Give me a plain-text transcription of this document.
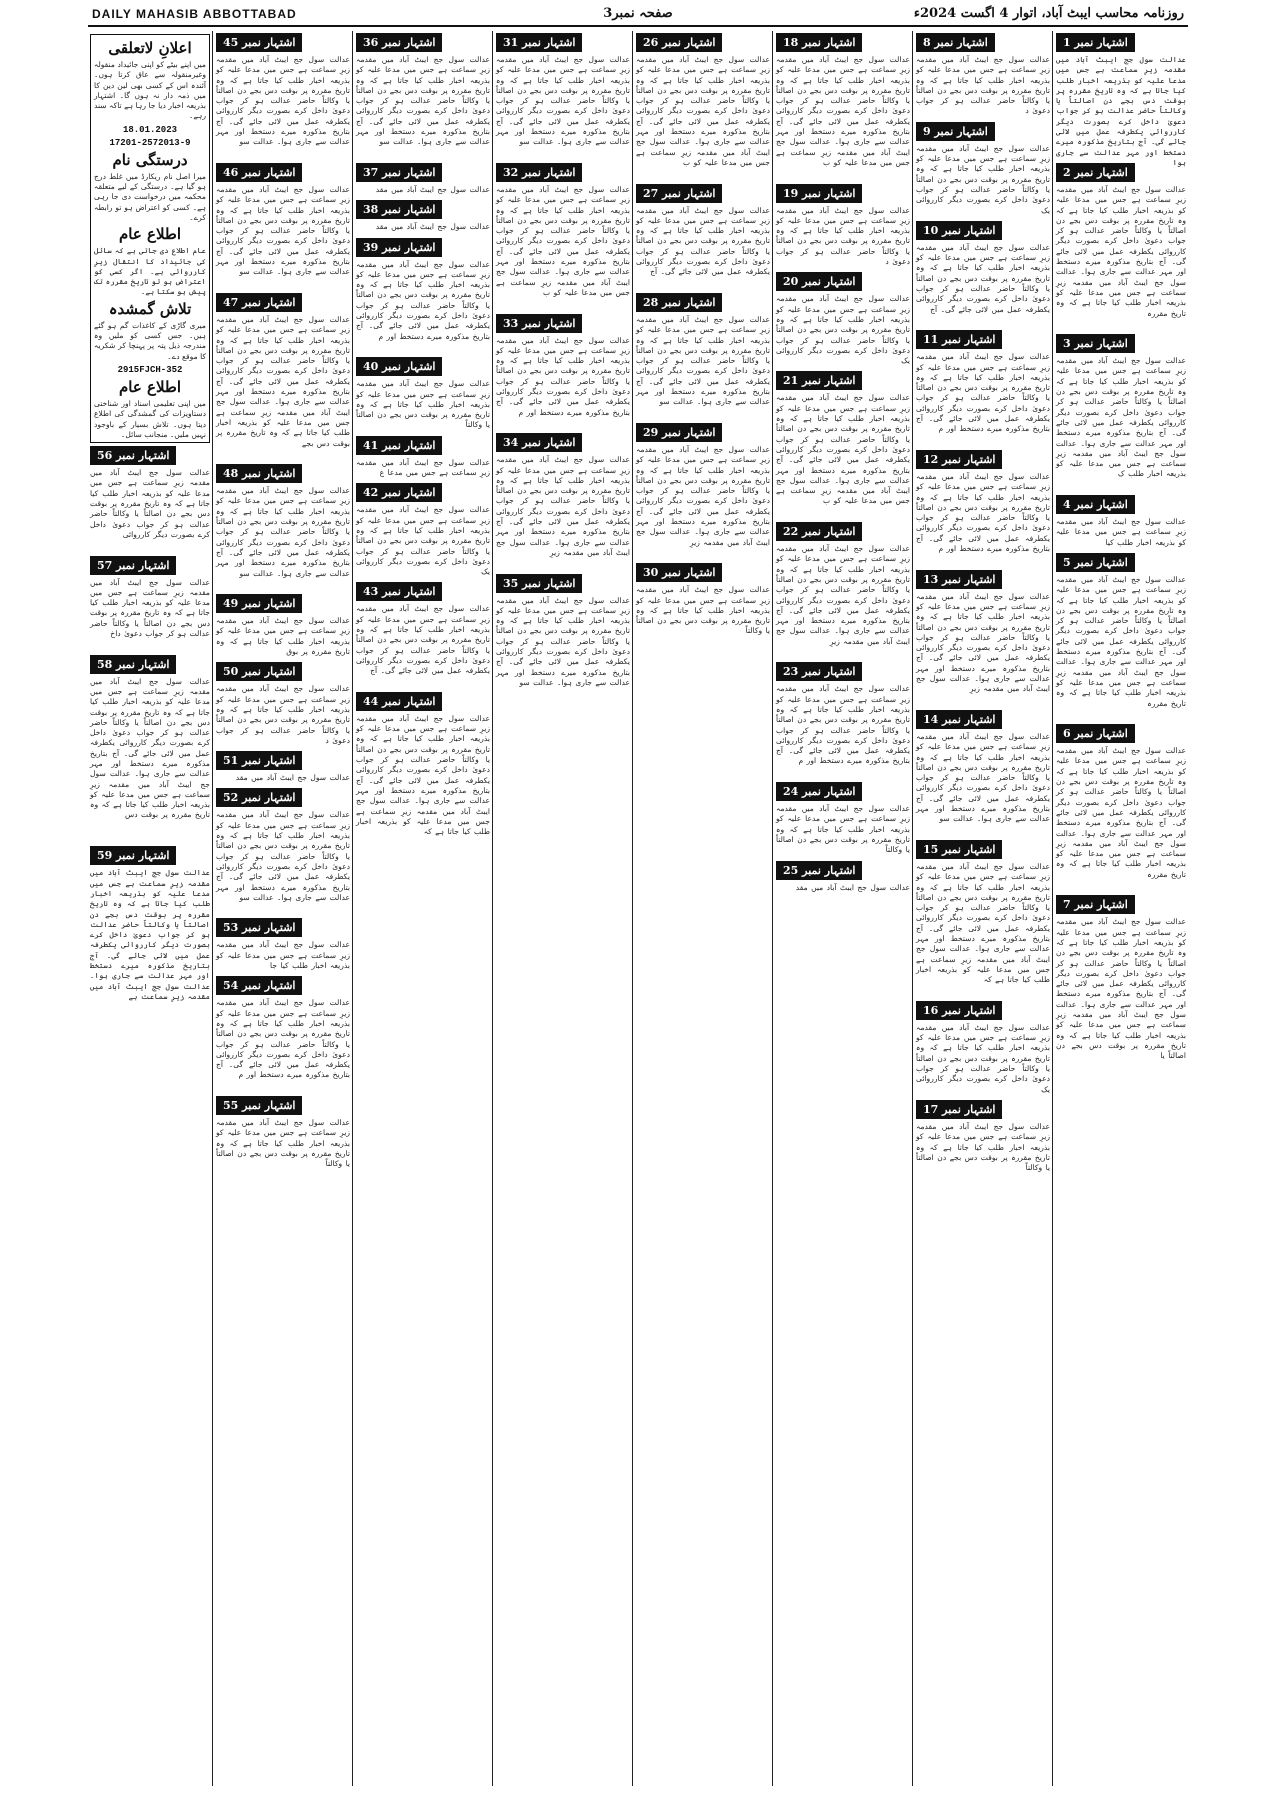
DAILY MAHASIB ABBOTTABAD	صفحہ نمبر3	روزنامہ محاسب ایبٹ آباد، اتوار 4 اگست 2024ء
اشتہار نمبر 1
عدالت سول جج ایبٹ آباد میں مقدمہ زیرِ سماعت ہے جس میں مدعا علیہ کو بذریعہ اخبار طلب کیا جاتا ہے کہ وہ تاریخ مقررہ پر بوقت دس بجے دن اصالتاً یا وکالتاً حاضر عدالت ہو کر جواب دعویٰ داخل کرے بصورت دیگر کارروائی یکطرفہ عمل میں لائی جائے گی۔ آج بتاریخ مذکورہ میرے دستخط اور مہر عدالت سے جاری ہوا
اشتہار نمبر 2
عدالت سول جج ایبٹ آباد میں مقدمہ زیرِ سماعت ہے جس میں مدعا علیہ کو بذریعہ اخبار طلب کیا جاتا ہے کہ وہ تاریخ مقررہ پر بوقت دس بجے دن اصالتاً یا وکالتاً حاضر عدالت ہو کر جواب دعویٰ داخل کرے بصورت دیگر کارروائی یکطرفہ عمل میں لائی جائے گی۔ آج بتاریخ مذکورہ میرے دستخط اور مہر عدالت سے جاری ہوا۔ عدالت سول جج ایبٹ آباد میں مقدمہ زیرِ سماعت ہے جس میں مدعا علیہ کو بذریعہ اخبار طلب کیا جاتا ہے کہ وہ تاریخ مقررہ
اشتہار نمبر 3
عدالت سول جج ایبٹ آباد میں مقدمہ زیرِ سماعت ہے جس میں مدعا علیہ کو بذریعہ اخبار طلب کیا جاتا ہے کہ وہ تاریخ مقررہ پر بوقت دس بجے دن اصالتاً یا وکالتاً حاضر عدالت ہو کر جواب دعویٰ داخل کرے بصورت دیگر کارروائی یکطرفہ عمل میں لائی جائے گی۔ آج بتاریخ مذکورہ میرے دستخط اور مہر عدالت سے جاری ہوا۔ عدالت سول جج ایبٹ آباد میں مقدمہ زیرِ سماعت ہے جس میں مدعا علیہ کو بذریعہ اخبار طلب ک
اشتہار نمبر 4
عدالت سول جج ایبٹ آباد میں مقدمہ زیرِ سماعت ہے جس میں مدعا علیہ کو بذریعہ اخبار طلب کیا
اشتہار نمبر 5
عدالت سول جج ایبٹ آباد میں مقدمہ زیرِ سماعت ہے جس میں مدعا علیہ کو بذریعہ اخبار طلب کیا جاتا ہے کہ وہ تاریخ مقررہ پر بوقت دس بجے دن اصالتاً یا وکالتاً حاضر عدالت ہو کر جواب دعویٰ داخل کرے بصورت دیگر کارروائی یکطرفہ عمل میں لائی جائے گی۔ آج بتاریخ مذکورہ میرے دستخط اور مہر عدالت سے جاری ہوا۔ عدالت سول جج ایبٹ آباد میں مقدمہ زیرِ سماعت ہے جس میں مدعا علیہ کو بذریعہ اخبار طلب کیا جاتا ہے کہ وہ تاریخ مقررہ
اشتہار نمبر 6
عدالت سول جج ایبٹ آباد میں مقدمہ زیرِ سماعت ہے جس میں مدعا علیہ کو بذریعہ اخبار طلب کیا جاتا ہے کہ وہ تاریخ مقررہ پر بوقت دس بجے دن اصالتاً یا وکالتاً حاضر عدالت ہو کر جواب دعویٰ داخل کرے بصورت دیگر کارروائی یکطرفہ عمل میں لائی جائے گی۔ آج بتاریخ مذکورہ میرے دستخط اور مہر عدالت سے جاری ہوا۔ عدالت سول جج ایبٹ آباد میں مقدمہ زیرِ سماعت ہے جس میں مدعا علیہ کو بذریعہ اخبار طلب کیا جاتا ہے کہ وہ تاریخ مقررہ
اشتہار نمبر 7
عدالت سول جج ایبٹ آباد میں مقدمہ زیرِ سماعت ہے جس میں مدعا علیہ کو بذریعہ اخبار طلب کیا جاتا ہے کہ وہ تاریخ مقررہ پر بوقت دس بجے دن اصالتاً یا وکالتاً حاضر عدالت ہو کر جواب دعویٰ داخل کرے بصورت دیگر کارروائی یکطرفہ عمل میں لائی جائے گی۔ آج بتاریخ مذکورہ میرے دستخط اور مہر عدالت سے جاری ہوا۔ عدالت سول جج ایبٹ آباد میں مقدمہ زیرِ سماعت ہے جس میں مدعا علیہ کو بذریعہ اخبار طلب کیا جاتا ہے کہ وہ تاریخ مقررہ پر بوقت دس بجے دن اصالتاً یا
اشتہار نمبر 8
عدالت سول جج ایبٹ آباد میں مقدمہ زیرِ سماعت ہے جس میں مدعا علیہ کو بذریعہ اخبار طلب کیا جاتا ہے کہ وہ تاریخ مقررہ پر بوقت دس بجے دن اصالتاً یا وکالتاً حاضر عدالت ہو کر جواب دعویٰ د
اشتہار نمبر 9
عدالت سول جج ایبٹ آباد میں مقدمہ زیرِ سماعت ہے جس میں مدعا علیہ کو بذریعہ اخبار طلب کیا جاتا ہے کہ وہ تاریخ مقررہ پر بوقت دس بجے دن اصالتاً یا وکالتاً حاضر عدالت ہو کر جواب دعویٰ داخل کرے بصورت دیگر کارروائی یک
اشتہار نمبر 10
عدالت سول جج ایبٹ آباد میں مقدمہ زیرِ سماعت ہے جس میں مدعا علیہ کو بذریعہ اخبار طلب کیا جاتا ہے کہ وہ تاریخ مقررہ پر بوقت دس بجے دن اصالتاً یا وکالتاً حاضر عدالت ہو کر جواب دعویٰ داخل کرے بصورت دیگر کارروائی یکطرفہ عمل میں لائی جائے گی۔ آج
اشتہار نمبر 11
عدالت سول جج ایبٹ آباد میں مقدمہ زیرِ سماعت ہے جس میں مدعا علیہ کو بذریعہ اخبار طلب کیا جاتا ہے کہ وہ تاریخ مقررہ پر بوقت دس بجے دن اصالتاً یا وکالتاً حاضر عدالت ہو کر جواب دعویٰ داخل کرے بصورت دیگر کارروائی یکطرفہ عمل میں لائی جائے گی۔ آج بتاریخ مذکورہ میرے دستخط اور م
اشتہار نمبر 12
عدالت سول جج ایبٹ آباد میں مقدمہ زیرِ سماعت ہے جس میں مدعا علیہ کو بذریعہ اخبار طلب کیا جاتا ہے کہ وہ تاریخ مقررہ پر بوقت دس بجے دن اصالتاً یا وکالتاً حاضر عدالت ہو کر جواب دعویٰ داخل کرے بصورت دیگر کارروائی یکطرفہ عمل میں لائی جائے گی۔ آج بتاریخ مذکورہ میرے دستخط اور م
اشتہار نمبر 13
عدالت سول جج ایبٹ آباد میں مقدمہ زیرِ سماعت ہے جس میں مدعا علیہ کو بذریعہ اخبار طلب کیا جاتا ہے کہ وہ تاریخ مقررہ پر بوقت دس بجے دن اصالتاً یا وکالتاً حاضر عدالت ہو کر جواب دعویٰ داخل کرے بصورت دیگر کارروائی یکطرفہ عمل میں لائی جائے گی۔ آج بتاریخ مذکورہ میرے دستخط اور مہر عدالت سے جاری ہوا۔ عدالت سول جج ایبٹ آباد میں مقدمہ زیرِ
اشتہار نمبر 14
عدالت سول جج ایبٹ آباد میں مقدمہ زیرِ سماعت ہے جس میں مدعا علیہ کو بذریعہ اخبار طلب کیا جاتا ہے کہ وہ تاریخ مقررہ پر بوقت دس بجے دن اصالتاً یا وکالتاً حاضر عدالت ہو کر جواب دعویٰ داخل کرے بصورت دیگر کارروائی یکطرفہ عمل میں لائی جائے گی۔ آج بتاریخ مذکورہ میرے دستخط اور مہر عدالت سے جاری ہوا۔ عدالت سو
اشتہار نمبر 15
عدالت سول جج ایبٹ آباد میں مقدمہ زیرِ سماعت ہے جس میں مدعا علیہ کو بذریعہ اخبار طلب کیا جاتا ہے کہ وہ تاریخ مقررہ پر بوقت دس بجے دن اصالتاً یا وکالتاً حاضر عدالت ہو کر جواب دعویٰ داخل کرے بصورت دیگر کارروائی یکطرفہ عمل میں لائی جائے گی۔ آج بتاریخ مذکورہ میرے دستخط اور مہر عدالت سے جاری ہوا۔ عدالت سول جج ایبٹ آباد میں مقدمہ زیرِ سماعت ہے جس میں مدعا علیہ کو بذریعہ اخبار طلب کیا جاتا ہے کہ
اشتہار نمبر 16
عدالت سول جج ایبٹ آباد میں مقدمہ زیرِ سماعت ہے جس میں مدعا علیہ کو بذریعہ اخبار طلب کیا جاتا ہے کہ وہ تاریخ مقررہ پر بوقت دس بجے دن اصالتاً یا وکالتاً حاضر عدالت ہو کر جواب دعویٰ داخل کرے بصورت دیگر کارروائی یک
اشتہار نمبر 17
عدالت سول جج ایبٹ آباد میں مقدمہ زیرِ سماعت ہے جس میں مدعا علیہ کو بذریعہ اخبار طلب کیا جاتا ہے کہ وہ تاریخ مقررہ پر بوقت دس بجے دن اصالتاً یا وکالتاً
اشتہار نمبر 18
عدالت سول جج ایبٹ آباد میں مقدمہ زیرِ سماعت ہے جس میں مدعا علیہ کو بذریعہ اخبار طلب کیا جاتا ہے کہ وہ تاریخ مقررہ پر بوقت دس بجے دن اصالتاً یا وکالتاً حاضر عدالت ہو کر جواب دعویٰ داخل کرے بصورت دیگر کارروائی یکطرفہ عمل میں لائی جائے گی۔ آج بتاریخ مذکورہ میرے دستخط اور مہر عدالت سے جاری ہوا۔ عدالت سول جج ایبٹ آباد میں مقدمہ زیرِ سماعت ہے جس میں مدعا علیہ کو ب
اشتہار نمبر 19
عدالت سول جج ایبٹ آباد میں مقدمہ زیرِ سماعت ہے جس میں مدعا علیہ کو بذریعہ اخبار طلب کیا جاتا ہے کہ وہ تاریخ مقررہ پر بوقت دس بجے دن اصالتاً یا وکالتاً حاضر عدالت ہو کر جواب دعویٰ د
اشتہار نمبر 20
عدالت سول جج ایبٹ آباد میں مقدمہ زیرِ سماعت ہے جس میں مدعا علیہ کو بذریعہ اخبار طلب کیا جاتا ہے کہ وہ تاریخ مقررہ پر بوقت دس بجے دن اصالتاً یا وکالتاً حاضر عدالت ہو کر جواب دعویٰ داخل کرے بصورت دیگر کارروائی یک
اشتہار نمبر 21
عدالت سول جج ایبٹ آباد میں مقدمہ زیرِ سماعت ہے جس میں مدعا علیہ کو بذریعہ اخبار طلب کیا جاتا ہے کہ وہ تاریخ مقررہ پر بوقت دس بجے دن اصالتاً یا وکالتاً حاضر عدالت ہو کر جواب دعویٰ داخل کرے بصورت دیگر کارروائی یکطرفہ عمل میں لائی جائے گی۔ آج بتاریخ مذکورہ میرے دستخط اور مہر عدالت سے جاری ہوا۔ عدالت سول جج ایبٹ آباد میں مقدمہ زیرِ سماعت ہے جس میں مدعا علیہ کو ب
اشتہار نمبر 22
عدالت سول جج ایبٹ آباد میں مقدمہ زیرِ سماعت ہے جس میں مدعا علیہ کو بذریعہ اخبار طلب کیا جاتا ہے کہ وہ تاریخ مقررہ پر بوقت دس بجے دن اصالتاً یا وکالتاً حاضر عدالت ہو کر جواب دعویٰ داخل کرے بصورت دیگر کارروائی یکطرفہ عمل میں لائی جائے گی۔ آج بتاریخ مذکورہ میرے دستخط اور مہر عدالت سے جاری ہوا۔ عدالت سول جج ایبٹ آباد میں مقدمہ زیرِ
اشتہار نمبر 23
عدالت سول جج ایبٹ آباد میں مقدمہ زیرِ سماعت ہے جس میں مدعا علیہ کو بذریعہ اخبار طلب کیا جاتا ہے کہ وہ تاریخ مقررہ پر بوقت دس بجے دن اصالتاً یا وکالتاً حاضر عدالت ہو کر جواب دعویٰ داخل کرے بصورت دیگر کارروائی یکطرفہ عمل میں لائی جائے گی۔ آج بتاریخ مذکورہ میرے دستخط اور م
اشتہار نمبر 24
عدالت سول جج ایبٹ آباد میں مقدمہ زیرِ سماعت ہے جس میں مدعا علیہ کو بذریعہ اخبار طلب کیا جاتا ہے کہ وہ تاریخ مقررہ پر بوقت دس بجے دن اصالتاً یا وکالتاً
اشتہار نمبر 25
عدالت سول جج ایبٹ آباد میں مقد
اشتہار نمبر 26
عدالت سول جج ایبٹ آباد میں مقدمہ زیرِ سماعت ہے جس میں مدعا علیہ کو بذریعہ اخبار طلب کیا جاتا ہے کہ وہ تاریخ مقررہ پر بوقت دس بجے دن اصالتاً یا وکالتاً حاضر عدالت ہو کر جواب دعویٰ داخل کرے بصورت دیگر کارروائی یکطرفہ عمل میں لائی جائے گی۔ آج بتاریخ مذکورہ میرے دستخط اور مہر عدالت سے جاری ہوا۔ عدالت سول جج ایبٹ آباد میں مقدمہ زیرِ سماعت ہے جس میں مدعا علیہ کو ب
اشتہار نمبر 27
عدالت سول جج ایبٹ آباد میں مقدمہ زیرِ سماعت ہے جس میں مدعا علیہ کو بذریعہ اخبار طلب کیا جاتا ہے کہ وہ تاریخ مقررہ پر بوقت دس بجے دن اصالتاً یا وکالتاً حاضر عدالت ہو کر جواب دعویٰ داخل کرے بصورت دیگر کارروائی یکطرفہ عمل میں لائی جائے گی۔ آج
اشتہار نمبر 28
عدالت سول جج ایبٹ آباد میں مقدمہ زیرِ سماعت ہے جس میں مدعا علیہ کو بذریعہ اخبار طلب کیا جاتا ہے کہ وہ تاریخ مقررہ پر بوقت دس بجے دن اصالتاً یا وکالتاً حاضر عدالت ہو کر جواب دعویٰ داخل کرے بصورت دیگر کارروائی یکطرفہ عمل میں لائی جائے گی۔ آج بتاریخ مذکورہ میرے دستخط اور مہر عدالت سے جاری ہوا۔ عدالت سو
اشتہار نمبر 29
عدالت سول جج ایبٹ آباد میں مقدمہ زیرِ سماعت ہے جس میں مدعا علیہ کو بذریعہ اخبار طلب کیا جاتا ہے کہ وہ تاریخ مقررہ پر بوقت دس بجے دن اصالتاً یا وکالتاً حاضر عدالت ہو کر جواب دعویٰ داخل کرے بصورت دیگر کارروائی یکطرفہ عمل میں لائی جائے گی۔ آج بتاریخ مذکورہ میرے دستخط اور مہر عدالت سے جاری ہوا۔ عدالت سول جج ایبٹ آباد میں مقدمہ زیرِ
اشتہار نمبر 30
عدالت سول جج ایبٹ آباد میں مقدمہ زیرِ سماعت ہے جس میں مدعا علیہ کو بذریعہ اخبار طلب کیا جاتا ہے کہ وہ تاریخ مقررہ پر بوقت دس بجے دن اصالتاً یا وکالتاً
اشتہار نمبر 31
عدالت سول جج ایبٹ آباد میں مقدمہ زیرِ سماعت ہے جس میں مدعا علیہ کو بذریعہ اخبار طلب کیا جاتا ہے کہ وہ تاریخ مقررہ پر بوقت دس بجے دن اصالتاً یا وکالتاً حاضر عدالت ہو کر جواب دعویٰ داخل کرے بصورت دیگر کارروائی یکطرفہ عمل میں لائی جائے گی۔ آج بتاریخ مذکورہ میرے دستخط اور مہر عدالت سے جاری ہوا۔ عدالت سو
اشتہار نمبر 32
عدالت سول جج ایبٹ آباد میں مقدمہ زیرِ سماعت ہے جس میں مدعا علیہ کو بذریعہ اخبار طلب کیا جاتا ہے کہ وہ تاریخ مقررہ پر بوقت دس بجے دن اصالتاً یا وکالتاً حاضر عدالت ہو کر جواب دعویٰ داخل کرے بصورت دیگر کارروائی یکطرفہ عمل میں لائی جائے گی۔ آج بتاریخ مذکورہ میرے دستخط اور مہر عدالت سے جاری ہوا۔ عدالت سول جج ایبٹ آباد میں مقدمہ زیرِ سماعت ہے جس میں مدعا علیہ کو ب
اشتہار نمبر 33
عدالت سول جج ایبٹ آباد میں مقدمہ زیرِ سماعت ہے جس میں مدعا علیہ کو بذریعہ اخبار طلب کیا جاتا ہے کہ وہ تاریخ مقررہ پر بوقت دس بجے دن اصالتاً یا وکالتاً حاضر عدالت ہو کر جواب دعویٰ داخل کرے بصورت دیگر کارروائی یکطرفہ عمل میں لائی جائے گی۔ آج بتاریخ مذکورہ میرے دستخط اور م
اشتہار نمبر 34
عدالت سول جج ایبٹ آباد میں مقدمہ زیرِ سماعت ہے جس میں مدعا علیہ کو بذریعہ اخبار طلب کیا جاتا ہے کہ وہ تاریخ مقررہ پر بوقت دس بجے دن اصالتاً یا وکالتاً حاضر عدالت ہو کر جواب دعویٰ داخل کرے بصورت دیگر کارروائی یکطرفہ عمل میں لائی جائے گی۔ آج بتاریخ مذکورہ میرے دستخط اور مہر عدالت سے جاری ہوا۔ عدالت سول جج ایبٹ آباد میں مقدمہ زیرِ
اشتہار نمبر 35
عدالت سول جج ایبٹ آباد میں مقدمہ زیرِ سماعت ہے جس میں مدعا علیہ کو بذریعہ اخبار طلب کیا جاتا ہے کہ وہ تاریخ مقررہ پر بوقت دس بجے دن اصالتاً یا وکالتاً حاضر عدالت ہو کر جواب دعویٰ داخل کرے بصورت دیگر کارروائی یکطرفہ عمل میں لائی جائے گی۔ آج بتاریخ مذکورہ میرے دستخط اور مہر عدالت سے جاری ہوا۔ عدالت سو
اشتہار نمبر 36
عدالت سول جج ایبٹ آباد میں مقدمہ زیرِ سماعت ہے جس میں مدعا علیہ کو بذریعہ اخبار طلب کیا جاتا ہے کہ وہ تاریخ مقررہ پر بوقت دس بجے دن اصالتاً یا وکالتاً حاضر عدالت ہو کر جواب دعویٰ داخل کرے بصورت دیگر کارروائی یکطرفہ عمل میں لائی جائے گی۔ آج بتاریخ مذکورہ میرے دستخط اور مہر عدالت سے جاری ہوا۔ عدالت سو
اشتہار نمبر 37
عدالت سول جج ایبٹ آباد میں مقد
اشتہار نمبر 38
عدالت سول جج ایبٹ آباد میں مقد
اشتہار نمبر 39
عدالت سول جج ایبٹ آباد میں مقدمہ زیرِ سماعت ہے جس میں مدعا علیہ کو بذریعہ اخبار طلب کیا جاتا ہے کہ وہ تاریخ مقررہ پر بوقت دس بجے دن اصالتاً یا وکالتاً حاضر عدالت ہو کر جواب دعویٰ داخل کرے بصورت دیگر کارروائی یکطرفہ عمل میں لائی جائے گی۔ آج بتاریخ مذکورہ میرے دستخط اور م
اشتہار نمبر 40
عدالت سول جج ایبٹ آباد میں مقدمہ زیرِ سماعت ہے جس میں مدعا علیہ کو بذریعہ اخبار طلب کیا جاتا ہے کہ وہ تاریخ مقررہ پر بوقت دس بجے دن اصالتاً یا وکالتاً
اشتہار نمبر 41
عدالت سول جج ایبٹ آباد میں مقدمہ زیرِ سماعت ہے جس میں مدعا ع
اشتہار نمبر 42
عدالت سول جج ایبٹ آباد میں مقدمہ زیرِ سماعت ہے جس میں مدعا علیہ کو بذریعہ اخبار طلب کیا جاتا ہے کہ وہ تاریخ مقررہ پر بوقت دس بجے دن اصالتاً یا وکالتاً حاضر عدالت ہو کر جواب دعویٰ داخل کرے بصورت دیگر کارروائی یک
اشتہار نمبر 43
عدالت سول جج ایبٹ آباد میں مقدمہ زیرِ سماعت ہے جس میں مدعا علیہ کو بذریعہ اخبار طلب کیا جاتا ہے کہ وہ تاریخ مقررہ پر بوقت دس بجے دن اصالتاً یا وکالتاً حاضر عدالت ہو کر جواب دعویٰ داخل کرے بصورت دیگر کارروائی یکطرفہ عمل میں لائی جائے گی۔ آج
اشتہار نمبر 44
عدالت سول جج ایبٹ آباد میں مقدمہ زیرِ سماعت ہے جس میں مدعا علیہ کو بذریعہ اخبار طلب کیا جاتا ہے کہ وہ تاریخ مقررہ پر بوقت دس بجے دن اصالتاً یا وکالتاً حاضر عدالت ہو کر جواب دعویٰ داخل کرے بصورت دیگر کارروائی یکطرفہ عمل میں لائی جائے گی۔ آج بتاریخ مذکورہ میرے دستخط اور مہر عدالت سے جاری ہوا۔ عدالت سول جج ایبٹ آباد میں مقدمہ زیرِ سماعت ہے جس میں مدعا علیہ کو بذریعہ اخبار طلب کیا جاتا ہے کہ
اشتہار نمبر 45
عدالت سول جج ایبٹ آباد میں مقدمہ زیرِ سماعت ہے جس میں مدعا علیہ کو بذریعہ اخبار طلب کیا جاتا ہے کہ وہ تاریخ مقررہ پر بوقت دس بجے دن اصالتاً یا وکالتاً حاضر عدالت ہو کر جواب دعویٰ داخل کرے بصورت دیگر کارروائی یکطرفہ عمل میں لائی جائے گی۔ آج بتاریخ مذکورہ میرے دستخط اور مہر عدالت سے جاری ہوا۔ عدالت سو
اشتہار نمبر 46
عدالت سول جج ایبٹ آباد میں مقدمہ زیرِ سماعت ہے جس میں مدعا علیہ کو بذریعہ اخبار طلب کیا جاتا ہے کہ وہ تاریخ مقررہ پر بوقت دس بجے دن اصالتاً یا وکالتاً حاضر عدالت ہو کر جواب دعویٰ داخل کرے بصورت دیگر کارروائی یکطرفہ عمل میں لائی جائے گی۔ آج بتاریخ مذکورہ میرے دستخط اور مہر عدالت سے جاری ہوا۔ عدالت سو
اشتہار نمبر 47
عدالت سول جج ایبٹ آباد میں مقدمہ زیرِ سماعت ہے جس میں مدعا علیہ کو بذریعہ اخبار طلب کیا جاتا ہے کہ وہ تاریخ مقررہ پر بوقت دس بجے دن اصالتاً یا وکالتاً حاضر عدالت ہو کر جواب دعویٰ داخل کرے بصورت دیگر کارروائی یکطرفہ عمل میں لائی جائے گی۔ آج بتاریخ مذکورہ میرے دستخط اور مہر عدالت سے جاری ہوا۔ عدالت سول جج ایبٹ آباد میں مقدمہ زیرِ سماعت ہے جس میں مدعا علیہ کو بذریعہ اخبار طلب کیا جاتا ہے کہ وہ تاریخ مقررہ پر بوقت دس بجے
اشتہار نمبر 48
عدالت سول جج ایبٹ آباد میں مقدمہ زیرِ سماعت ہے جس میں مدعا علیہ کو بذریعہ اخبار طلب کیا جاتا ہے کہ وہ تاریخ مقررہ پر بوقت دس بجے دن اصالتاً یا وکالتاً حاضر عدالت ہو کر جواب دعویٰ داخل کرے بصورت دیگر کارروائی یکطرفہ عمل میں لائی جائے گی۔ آج بتاریخ مذکورہ میرے دستخط اور مہر عدالت سے جاری ہوا۔ عدالت سو
اشتہار نمبر 49
عدالت سول جج ایبٹ آباد میں مقدمہ زیرِ سماعت ہے جس میں مدعا علیہ کو بذریعہ اخبار طلب کیا جاتا ہے کہ وہ تاریخ مقررہ پر بوق
اشتہار نمبر 50
عدالت سول جج ایبٹ آباد میں مقدمہ زیرِ سماعت ہے جس میں مدعا علیہ کو بذریعہ اخبار طلب کیا جاتا ہے کہ وہ تاریخ مقررہ پر بوقت دس بجے دن اصالتاً یا وکالتاً حاضر عدالت ہو کر جواب دعویٰ د
اشتہار نمبر 51
عدالت سول جج ایبٹ آباد میں مقد
اشتہار نمبر 52
عدالت سول جج ایبٹ آباد میں مقدمہ زیرِ سماعت ہے جس میں مدعا علیہ کو بذریعہ اخبار طلب کیا جاتا ہے کہ وہ تاریخ مقررہ پر بوقت دس بجے دن اصالتاً یا وکالتاً حاضر عدالت ہو کر جواب دعویٰ داخل کرے بصورت دیگر کارروائی یکطرفہ عمل میں لائی جائے گی۔ آج بتاریخ مذکورہ میرے دستخط اور مہر عدالت سے جاری ہوا۔ عدالت سو
اشتہار نمبر 53
عدالت سول جج ایبٹ آباد میں مقدمہ زیرِ سماعت ہے جس میں مدعا علیہ کو بذریعہ اخبار طلب کیا جا
اشتہار نمبر 54
عدالت سول جج ایبٹ آباد میں مقدمہ زیرِ سماعت ہے جس میں مدعا علیہ کو بذریعہ اخبار طلب کیا جاتا ہے کہ وہ تاریخ مقررہ پر بوقت دس بجے دن اصالتاً یا وکالتاً حاضر عدالت ہو کر جواب دعویٰ داخل کرے بصورت دیگر کارروائی یکطرفہ عمل میں لائی جائے گی۔ آج بتاریخ مذکورہ میرے دستخط اور م
اشتہار نمبر 55
عدالت سول جج ایبٹ آباد میں مقدمہ زیرِ سماعت ہے جس میں مدعا علیہ کو بذریعہ اخبار طلب کیا جاتا ہے کہ وہ تاریخ مقررہ پر بوقت دس بجے دن اصالتاً یا وکالتاً
اعلانِ لاتعلقی
میں اپنے بیٹے کو اپنی جائیداد منقولہ وغیرمنقولہ سے عاق کرتا ہوں۔ آئندہ اس کے کسی بھی لین دین کا میں ذمہ دار نہ ہوں گا۔ اشتہار بذریعہ اخبار دیا جا رہا ہے تاکہ سند رہے۔
18.01.2023
17201-2572013-9
درستگی نام
میرا اصل نام ریکارڈ میں غلط درج ہو گیا ہے۔ درستگی کے لیے متعلقہ محکمہ میں درخواست دی جا رہی ہے۔ کسی کو اعتراض ہو تو رابطہ کرے۔
اطلاع عام
عام اطلاع دی جاتی ہے کہ سائل کی جائیداد کا انتقال زیرِ کارروائی ہے۔ اگر کسی کو اعتراض ہو تو تاریخ مقررہ تک پیش ہو سکتا ہے۔
تلاش گمشدہ
میری گاڑی کے کاغذات گم ہو گئے ہیں۔ جس کسی کو ملیں وہ مندرجہ ذیل پتہ پر پہنچا کر شکریہ کا موقع دے۔
2915FJCH-352
اطلاع عام
میں اپنی تعلیمی اسناد اور شناختی دستاویزات کی گمشدگی کی اطلاع دیتا ہوں۔ تلاش بسیار کے باوجود نہیں ملیں۔ منجانب سائل۔
اشتہار نمبر 56
عدالت سول جج ایبٹ آباد میں مقدمہ زیرِ سماعت ہے جس میں مدعا علیہ کو بذریعہ اخبار طلب کیا جاتا ہے کہ وہ تاریخ مقررہ پر بوقت دس بجے دن اصالتاً یا وکالتاً حاضر عدالت ہو کر جواب دعویٰ داخل کرے بصورت دیگر کارروائی
اشتہار نمبر 57
عدالت سول جج ایبٹ آباد میں مقدمہ زیرِ سماعت ہے جس میں مدعا علیہ کو بذریعہ اخبار طلب کیا جاتا ہے کہ وہ تاریخ مقررہ پر بوقت دس بجے دن اصالتاً یا وکالتاً حاضر عدالت ہو کر جواب دعویٰ داخ
اشتہار نمبر 58
عدالت سول جج ایبٹ آباد میں مقدمہ زیرِ سماعت ہے جس میں مدعا علیہ کو بذریعہ اخبار طلب کیا جاتا ہے کہ وہ تاریخ مقررہ پر بوقت دس بجے دن اصالتاً یا وکالتاً حاضر عدالت ہو کر جواب دعویٰ داخل کرے بصورت دیگر کارروائی یکطرفہ عمل میں لائی جائے گی۔ آج بتاریخ مذکورہ میرے دستخط اور مہر عدالت سے جاری ہوا۔ عدالت سول جج ایبٹ آباد میں مقدمہ زیرِ سماعت ہے جس میں مدعا علیہ کو بذریعہ اخبار طلب کیا جاتا ہے کہ وہ تاریخ مقررہ پر بوقت دس
اشتہار نمبر 59
عدالت سول جج ایبٹ آباد میں مقدمہ زیرِ سماعت ہے جس میں مدعا علیہ کو بذریعہ اخبار طلب کیا جاتا ہے کہ وہ تاریخ مقررہ پر بوقت دس بجے دن اصالتاً یا وکالتاً حاضر عدالت ہو کر جواب دعویٰ داخل کرے بصورت دیگر کارروائی یکطرفہ عمل میں لائی جائے گی۔ آج بتاریخ مذکورہ میرے دستخط اور مہر عدالت سے جاری ہوا۔ عدالت سول جج ایبٹ آباد میں مقدمہ زیرِ سماعت ہے
